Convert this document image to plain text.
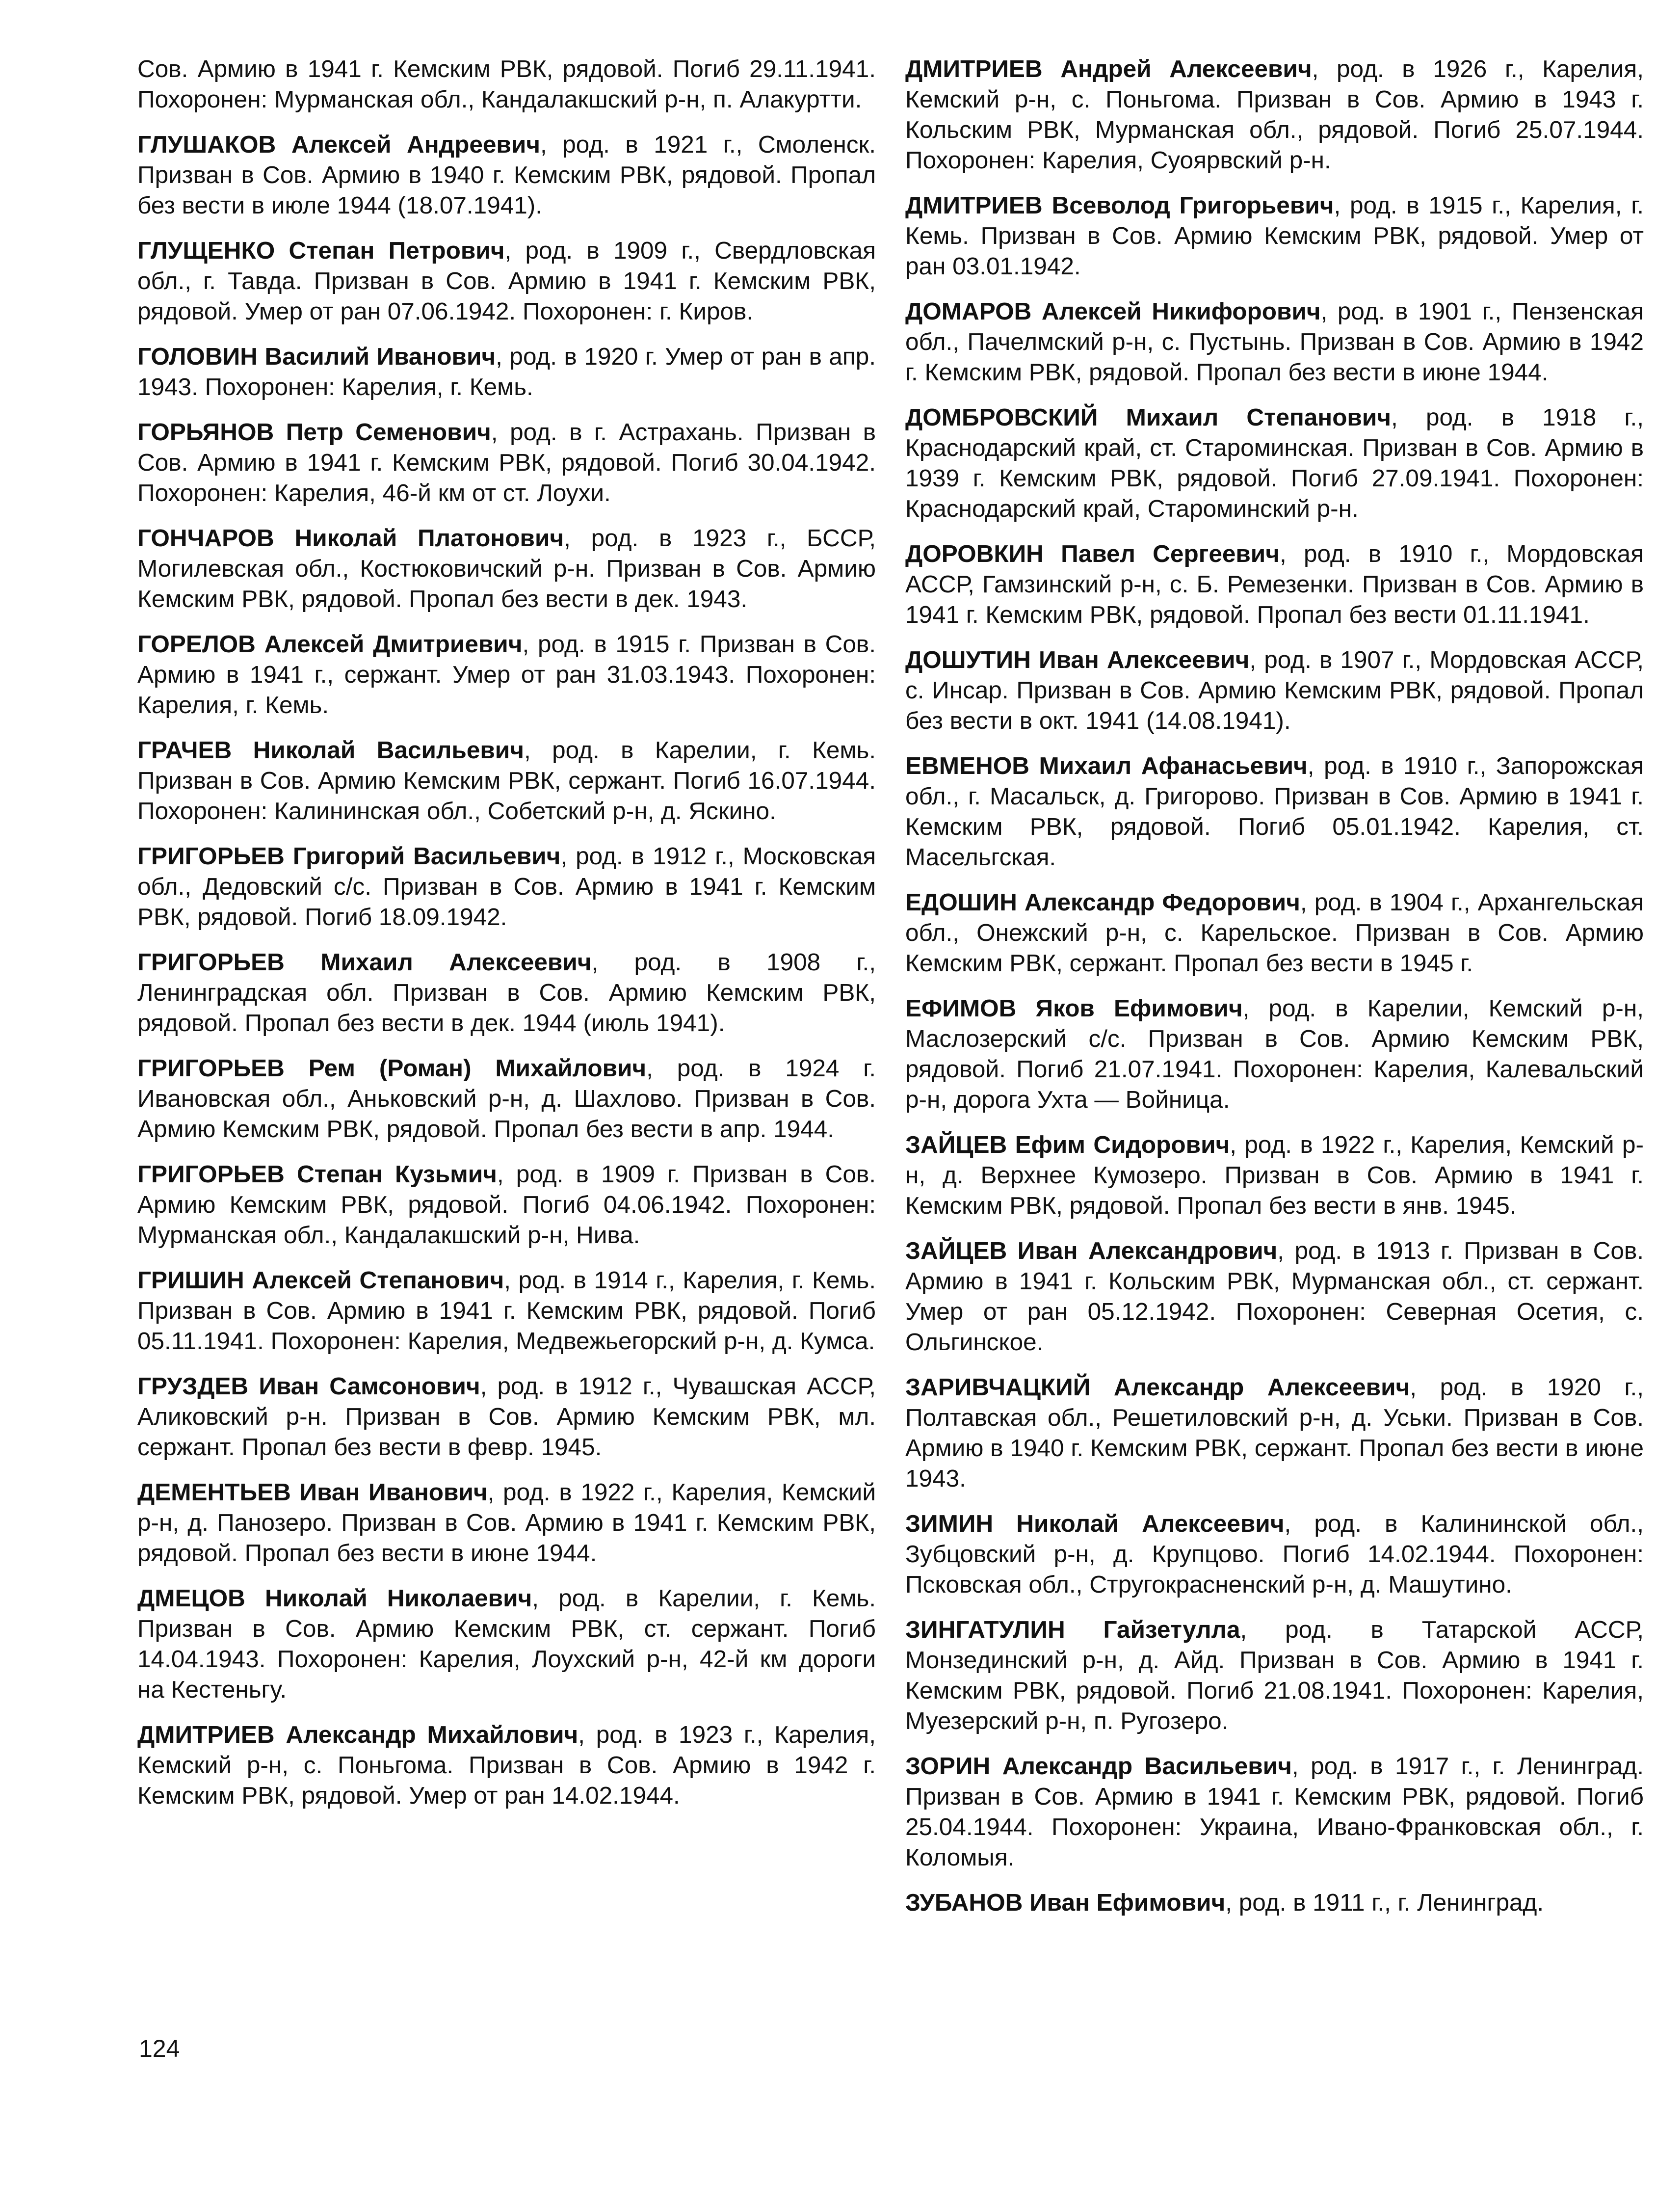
Сов. Армию в 1941 г. Кемским РВК, рядовой. Погиб 29.11.1941. Похоронен: Мурманская обл., Кандалакшский р-н, п. Алакуртти.

ГЛУШАКОВ Алексей Андреевич, род. в 1921 г., Смоленск. Призван в Сов. Армию в 1940 г. Кемским РВК, рядовой. Пропал без вести в июле 1944 (18.07.1941).

ГЛУЩЕНКО Степан Петрович, род. в 1909 г., Свердловская обл., г. Тавда. Призван в Сов. Армию в 1941 г. Кемским РВК, рядовой. Умер от ран 07.06.1942. Похоронен: г. Киров.

ГОЛОВИН Василий Иванович, род. в 1920 г. Умер от ран в апр. 1943. Похоронен: Карелия, г. Кемь.

ГОРЬЯНОВ Петр Семенович, род. в г. Астрахань. Призван в Сов. Армию в 1941 г. Кемским РВК, рядовой. Погиб 30.04.1942. Похоронен: Карелия, 46-й км от ст. Лоухи.

ГОНЧАРОВ Николай Платонович, род. в 1923 г., БССР, Могилевская обл., Костюковичский р-н. Призван в Сов. Армию Кемским РВК, рядовой. Пропал без вести в дек. 1943.

ГОРЕЛОВ Алексей Дмитриевич, род. в 1915 г. Призван в Сов. Армию в 1941 г., сержант. Умер от ран 31.03.1943. Похоронен: Карелия, г. Кемь.

ГРАЧЕВ Николай Васильевич, род. в Карелии, г. Кемь. Призван в Сов. Армию Кемским РВК, сержант. Погиб 16.07.1944. Похоронен: Калининская обл., Собетский р-н, д. Яскино.

ГРИГОРЬЕВ Григорий Васильевич, род. в 1912 г., Московская обл., Дедовский с/с. Призван в Сов. Армию в 1941 г. Кемским РВК, рядовой. Погиб 18.09.1942.

ГРИГОРЬЕВ Михаил Алексеевич, род. в 1908 г., Ленинградская обл. Призван в Сов. Армию Кемским РВК, рядовой. Пропал без вести в дек. 1944 (июль 1941).

ГРИГОРЬЕВ Рем (Роман) Михайлович, род. в 1924 г. Ивановская обл., Аньковский р-н, д. Шахлово. Призван в Сов. Армию Кемским РВК, рядовой. Пропал без вести в апр. 1944.

ГРИГОРЬЕВ Степан Кузьмич, род. в 1909 г. Призван в Сов. Армию Кемским РВК, рядовой. Погиб 04.06.1942. Похоронен: Мурманская обл., Кандалакшский р-н, Нива.

ГРИШИН Алексей Степанович, род. в 1914 г., Карелия, г. Кемь. Призван в Сов. Армию в 1941 г. Кемским РВК, рядовой. Погиб 05.11.1941. Похоронен: Карелия, Медвежьегорский р-н, д. Кумса.

ГРУЗДЕВ Иван Самсонович, род. в 1912 г., Чувашская АССР, Аликовский р-н. Призван в Сов. Армию Кемским РВК, мл. сержант. Пропал без вести в февр. 1945.

ДЕМЕНТЬЕВ Иван Иванович, род. в 1922 г., Карелия, Кемский р-н, д. Панозеро. Призван в Сов. Армию в 1941 г. Кемским РВК, рядовой. Пропал без вести в июне 1944.

ДМЕЦОВ Николай Николаевич, род. в Карелии, г. Кемь. Призван в Сов. Армию Кемским РВК, ст. сержант. Погиб 14.04.1943. Похоронен: Карелия, Лоухский р-н, 42-й км дороги на Кестеньгу.

ДМИТРИЕВ Александр Михайлович, род. в 1923 г., Карелия, Кемский р-н, с. Поньгома. Призван в Сов. Армию в 1942 г. Кемским РВК, рядовой. Умер от ран 14.02.1944.

ДМИТРИЕВ Андрей Алексеевич, род. в 1926 г., Карелия, Кемский р-н, с. Поньгома. Призван в Сов. Армию в 1943 г. Кольским РВК, Мурманская обл., рядовой. Погиб 25.07.1944. Похоронен: Карелия, Суоярвский р-н.

ДМИТРИЕВ Всеволод Григорьевич, род. в 1915 г., Карелия, г. Кемь. Призван в Сов. Армию Кемским РВК, рядовой. Умер от ран 03.01.1942.

ДОМАРОВ Алексей Никифорович, род. в 1901 г., Пензенская обл., Пачелмский р-н, с. Пустынь. Призван в Сов. Армию в 1942 г. Кемским РВК, рядовой. Пропал без вести в июне 1944.

ДОМБРОВСКИЙ Михаил Степанович, род. в 1918 г., Краснодарский край, ст. Староминская. Призван в Сов. Армию в 1939 г. Кемским РВК, рядовой. Погиб 27.09.1941. Похоронен: Краснодарский край, Староминский р-н.

ДОРОВКИН Павел Сергеевич, род. в 1910 г., Мордовская АССР, Гамзинский р-н, с. Б. Ремезенки. Призван в Сов. Армию в 1941 г. Кемским РВК, рядовой. Пропал без вести 01.11.1941.

ДОШУТИН Иван Алексеевич, род. в 1907 г., Мордовская АССР, с. Инсар. Призван в Сов. Армию Кемским РВК, рядовой. Пропал без вести в окт. 1941 (14.08.1941).

ЕВМЕНОВ Михаил Афанасьевич, род. в 1910 г., Запорожская обл., г. Масальск, д. Григорово. Призван в Сов. Армию в 1941 г. Кемским РВК, рядовой. Погиб 05.01.1942. Карелия, ст. Масельгская.

ЕДОШИН Александр Федорович, род. в 1904 г., Архангельская обл., Онежский р-н, с. Карельское. Призван в Сов. Армию Кемским РВК, сержант. Пропал без вести в 1945 г.

ЕФИМОВ Яков Ефимович, род. в Карелии, Кемский р-н, Маслозерский с/с. Призван в Сов. Армию Кемским РВК, рядовой. Погиб 21.07.1941. Похоронен: Карелия, Калевальский р-н, дорога Ухта — Войница.

ЗАЙЦЕВ Ефим Сидорович, род. в 1922 г., Карелия, Кемский р-н, д. Верхнее Кумозеро. Призван в Сов. Армию в 1941 г. Кемским РВК, рядовой. Пропал без вести в янв. 1945.

ЗАЙЦЕВ Иван Александрович, род. в 1913 г. Призван в Сов. Армию в 1941 г. Кольским РВК, Мурманская обл., ст. сержант. Умер от ран 05.12.1942. Похоронен: Северная Осетия, с. Ольгинское.

ЗАРИВЧАЦКИЙ Александр Алексеевич, род. в 1920 г., Полтавская обл., Решетиловский р-н, д. Уськи. Призван в Сов. Армию в 1940 г. Кемским РВК, сержант. Пропал без вести в июне 1943.

ЗИМИН Николай Алексеевич, род. в Калининской обл., Зубцовский р-н, д. Крупцово. Погиб 14.02.1944. Похоронен: Псковская обл., Стругокрасненский р-н, д. Машутино.

ЗИНГАТУЛИН Гайзетулла, род. в Татарской АССР, Монзединский р-н, д. Айд. Призван в Сов. Армию в 1941 г. Кемским РВК, рядовой. Погиб 21.08.1941. Похоронен: Карелия, Муезерский р-н, п. Ругозеро.

ЗОРИН Александр Васильевич, род. в 1917 г., г. Ленинград. Призван в Сов. Армию в 1941 г. Кемским РВК, рядовой. Погиб 25.04.1944. Похоронен: Украина, Ивано-Франковская обл., г. Коломыя.

ЗУБАНОВ Иван Ефимович, род. в 1911 г., г. Ленинград.

124
